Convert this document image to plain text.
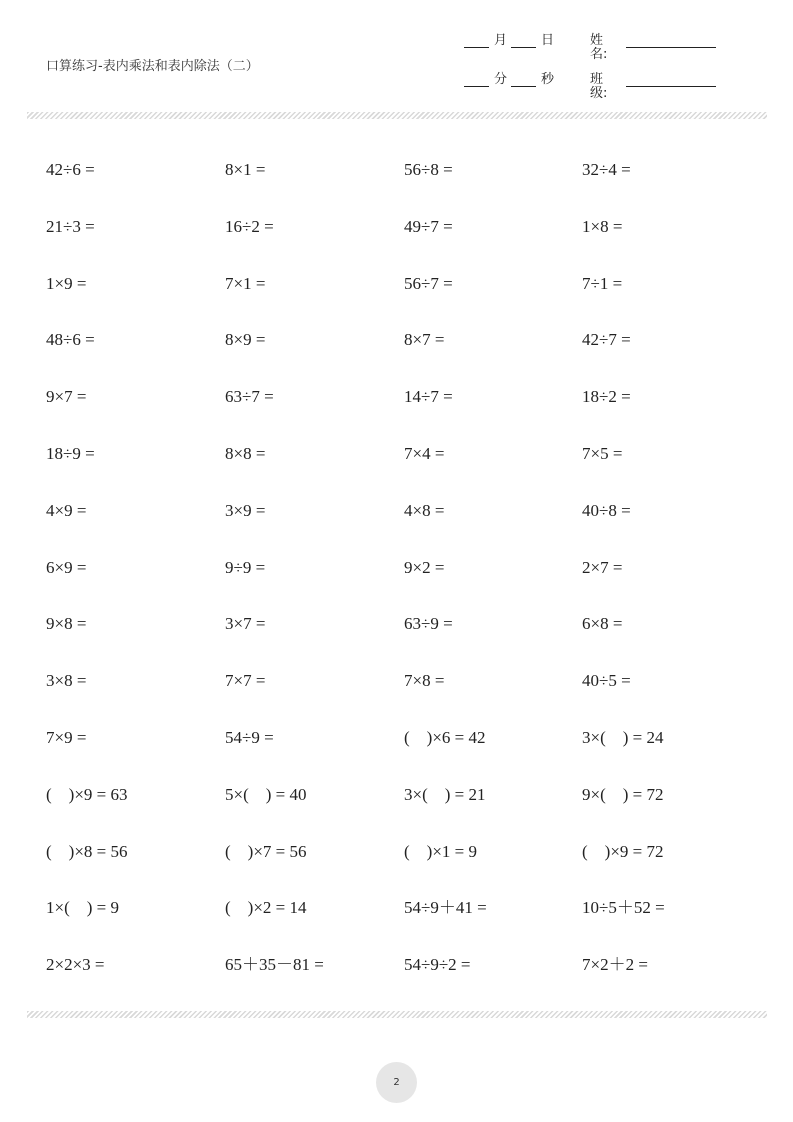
口算练习-表内乘法和表内除法（二）
月	日	姓名:
分	秒	班级:
42÷6 =	8×1 =	56÷8 =	32÷4 =
21÷3 =	16÷2 =	49÷7 =	1×8 =
1×9 =	7×1 =	56÷7 =	7÷1 =
48÷6 =	8×9 =	8×7 =	42÷7 =
9×7 =	63÷7 =	14÷7 =	18÷2 =
18÷9 =	8×8 =	7×4 =	7×5 =
4×9 =	3×9 =	4×8 =	40÷8 =
6×9 =	9÷9 =	9×2 =	2×7 =
9×8 =	3×7 =	63÷9 =	6×8 =
3×8 =	7×7 =	7×8 =	40÷5 =
7×9 =	54÷9 =	(    )×6 = 42	3×(    ) = 24
(    )×9 = 63	5×(    ) = 40	3×(    ) = 21	9×(    ) = 72
(    )×8 = 56	(    )×7 = 56	(    )×1 = 9	(    )×9 = 72
1×(    ) = 9	(    )×2 = 14	54÷9＋41 =	10÷5＋52 =
2×2×3 =	65＋35－81 =	54÷9÷2 =	7×2＋2 =
2
